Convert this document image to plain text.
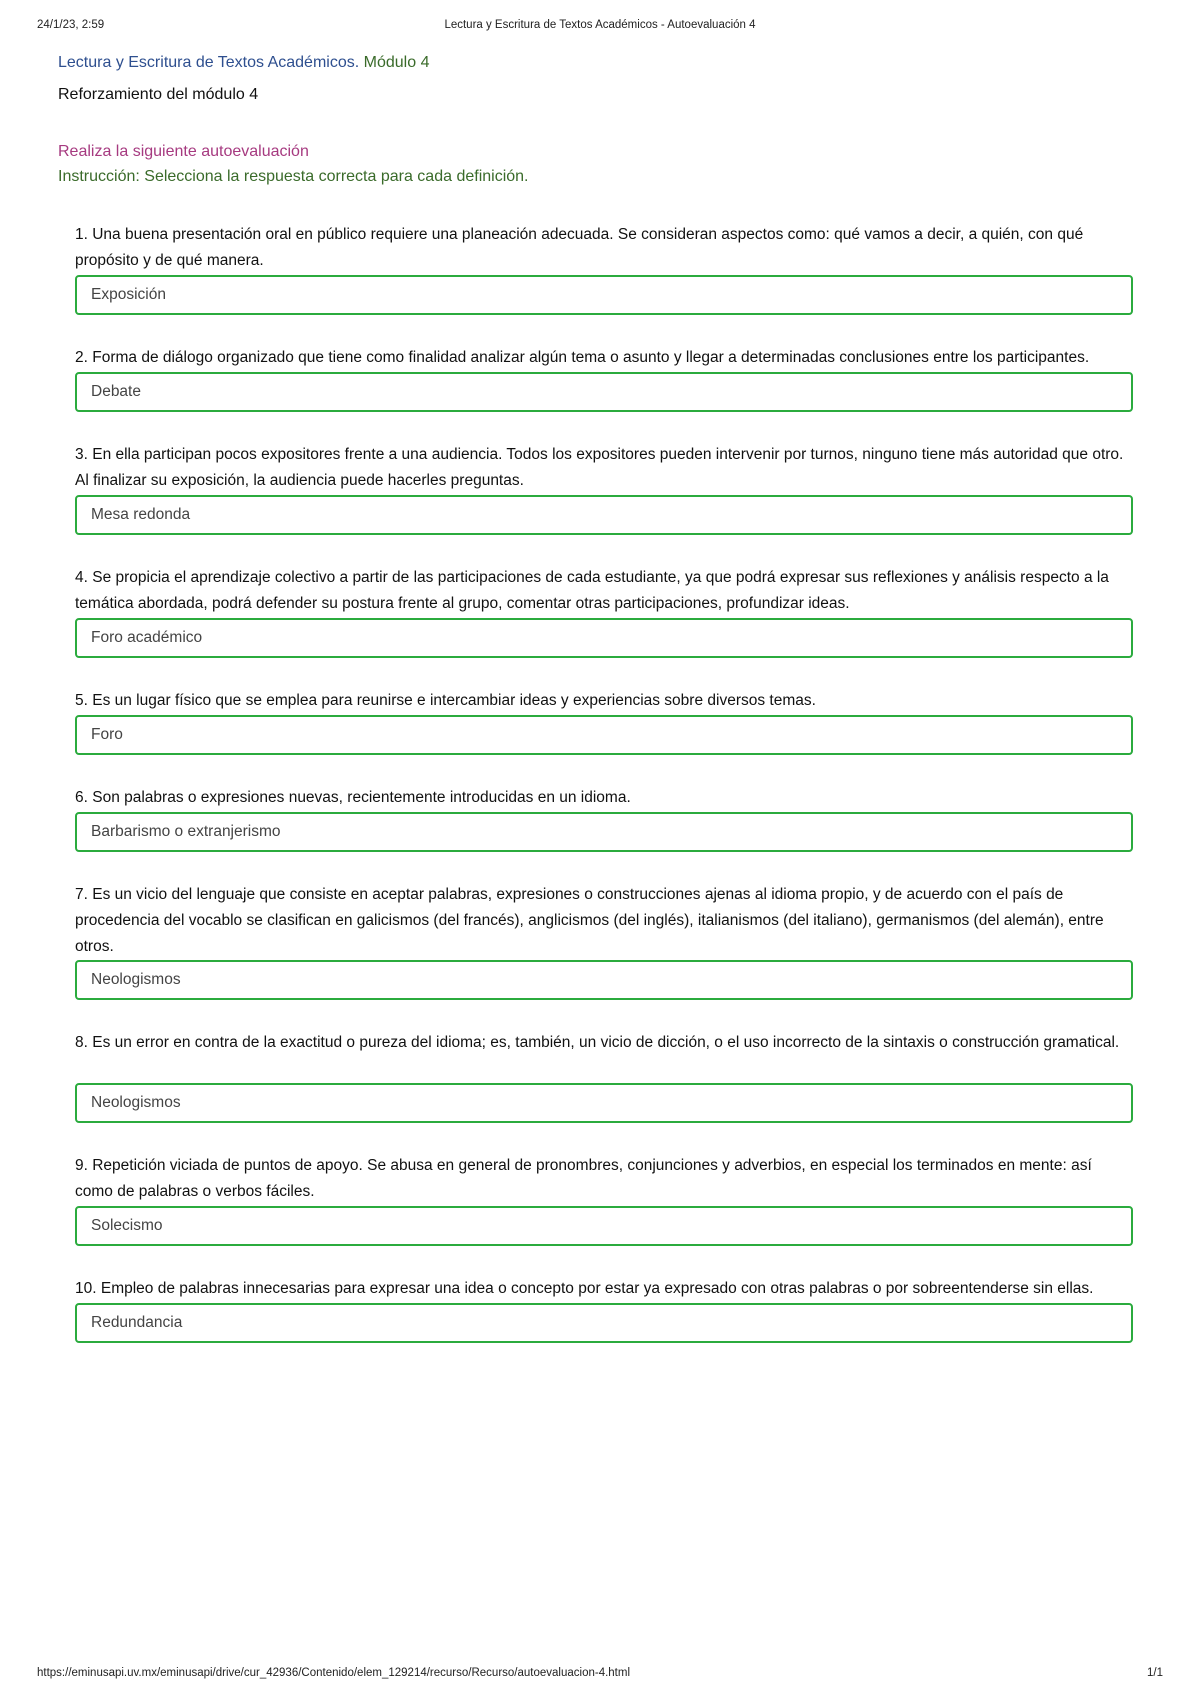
24/1/23, 2:59	Lectura y Escritura de Textos Académicos - Autoevaluación 4
Lectura y Escritura de Textos Académicos. Módulo 4
Reforzamiento del módulo 4
Realiza la siguiente autoevaluación
Instrucción: Selecciona la respuesta correcta para cada definición.
1. Una buena presentación oral en público requiere una planeación adecuada. Se consideran aspectos como: qué vamos a decir, a quién, con qué propósito y de qué manera.
Exposición
2. Forma de diálogo organizado que tiene como finalidad analizar algún tema o asunto y llegar a determinadas conclusiones entre los participantes.
Debate
3. En ella participan pocos expositores frente a una audiencia. Todos los expositores pueden intervenir por turnos, ninguno tiene más autoridad que otro. Al finalizar su exposición, la audiencia puede hacerles preguntas.
Mesa redonda
4. Se propicia el aprendizaje colectivo a partir de las participaciones de cada estudiante, ya que podrá expresar sus reflexiones y análisis respecto a la temática abordada, podrá defender su postura frente al grupo, comentar otras participaciones, profundizar ideas.
Foro académico
5. Es un lugar físico que se emplea para reunirse e intercambiar ideas y experiencias sobre diversos temas.
Foro
6. Son palabras o expresiones nuevas, recientemente introducidas en un idioma.
Barbarismo o extranjerismo
7. Es un vicio del lenguaje que consiste en aceptar palabras, expresiones o construcciones ajenas al idioma propio, y de acuerdo con el país de procedencia del vocablo se clasifican en galicismos (del francés), anglicismos (del inglés), italianismos (del italiano), germanismos (del alemán), entre otros.
Neologismos
8. Es un error en contra de la exactitud o pureza del idioma; es, también, un vicio de dicción, o el uso incorrecto de la sintaxis o construcción gramatical.
Neologismos
9. Repetición viciada de puntos de apoyo. Se abusa en general de pronombres, conjunciones y adverbios, en especial los terminados en mente: así como de palabras o verbos fáciles.
Solecismo
10. Empleo de palabras innecesarias para expresar una idea o concepto por estar ya expresado con otras palabras o por sobreentenderse sin ellas.
Redundancia
https://eminusapi.uv.mx/eminusapi/drive/cur_42936/Contenido/elem_129214/recurso/Recurso/autoevaluacion-4.html	1/1
